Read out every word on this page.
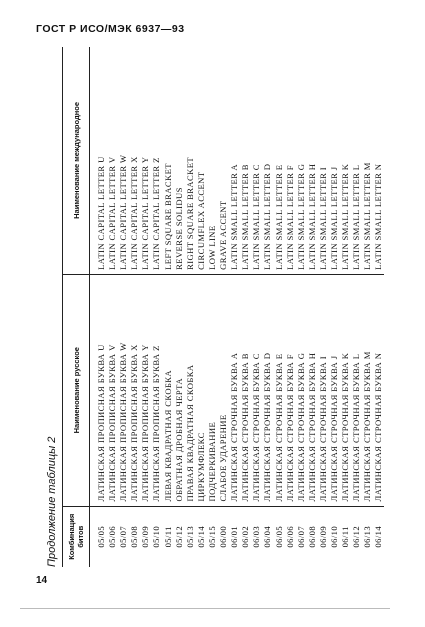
ГОСТ Р ИСО/МЭК 6937—93
Продолжение таблицы 2 Комбинация битов	Наименование русское	Наименование международное
05/05	ЛАТИНСКАЯ ПРОПИСНАЯ БУКВА U	LATIN CAPITAL LETTER U
05/06	ЛАТИНСКАЯ ПРОПИСНАЯ БУКВА V	LATIN CAPITAL LETTER V
05/07	ЛАТИНСКАЯ ПРОПИСНАЯ БУКВА W	LATIN CAPITAL LETTER W
05/08	ЛАТИНСКАЯ ПРОПИСНАЯ БУКВА X	LATIN CAPITAL LETTER X
05/09	ЛАТИНСКАЯ ПРОПИСНАЯ БУКВА Y	LATIN CAPITAL LETTER Y
05/10	ЛАТИНСКАЯ ПРОПИСНАЯ БУКВА Z	LATIN CAPITAL LETTER Z
05/11	ЛЕВАЯ КВАДРАТНАЯ СКОБКА	LEFT SQUARE BRACKET
05/12	ОБРАТНАЯ ДРОБНАЯ ЧЕРТА	REVERSE SOLIDUS
05/13	ПРАВАЯ КВАДРАТНАЯ СКОБКА	RIGHT SQUARE BRACKET
05/14	ЦИРКУМФЛЕКС	CIRCUMFLEX ACCENT
05/15	ПОДЧЕРКИВАНИЕ	LOW LINE
06/00	СЛАБОЕ УДАРЕНИЕ	GRAVE ACCENT
06/01	ЛАТИНСКАЯ СТРОЧНАЯ БУКВА A	LATIN SMALL LETTER A
06/02	ЛАТИНСКАЯ СТРОЧНАЯ БУКВА B	LATIN SMALL LETTER B
06/03	ЛАТИНСКАЯ СТРОЧНАЯ БУКВА C	LATIN SMALL LETTER C
06/04	ЛАТИНСКАЯ СТРОЧНАЯ БУКВА D	LATIN SMALL LETTER D
06/05	ЛАТИНСКАЯ СТРОЧНАЯ БУКВА E	LATIN SMALL LETTER E
06/06	ЛАТИНСКАЯ СТРОЧНАЯ БУКВА F	LATIN SMALL LETTER F
06/07	ЛАТИНСКАЯ СТРОЧНАЯ БУКВА G	LATIN SMALL LETTER G
06/08	ЛАТИНСКАЯ СТРОЧНАЯ БУКВА H	LATIN SMALL LETTER H
06/09	ЛАТИНСКАЯ СТРОЧНАЯ БУКВА I	LATIN SMALL LETTER I
06/10	ЛАТИНСКАЯ СТРОЧНАЯ БУКВА J	LATIN SMALL LETTER J
06/11	ЛАТИНСКАЯ СТРОЧНАЯ БУКВА K	LATIN SMALL LETTER K
06/12	ЛАТИНСКАЯ СТРОЧНАЯ БУКВА L	LATIN SMALL LETTER L
06/13	ЛАТИНСКАЯ СТРОЧНАЯ БУКВА M	LATIN SMALL LETTER M
06/14	ЛАТИНСКАЯ СТРОЧНАЯ БУКВА N	LATIN SMALL LETTER N
14
